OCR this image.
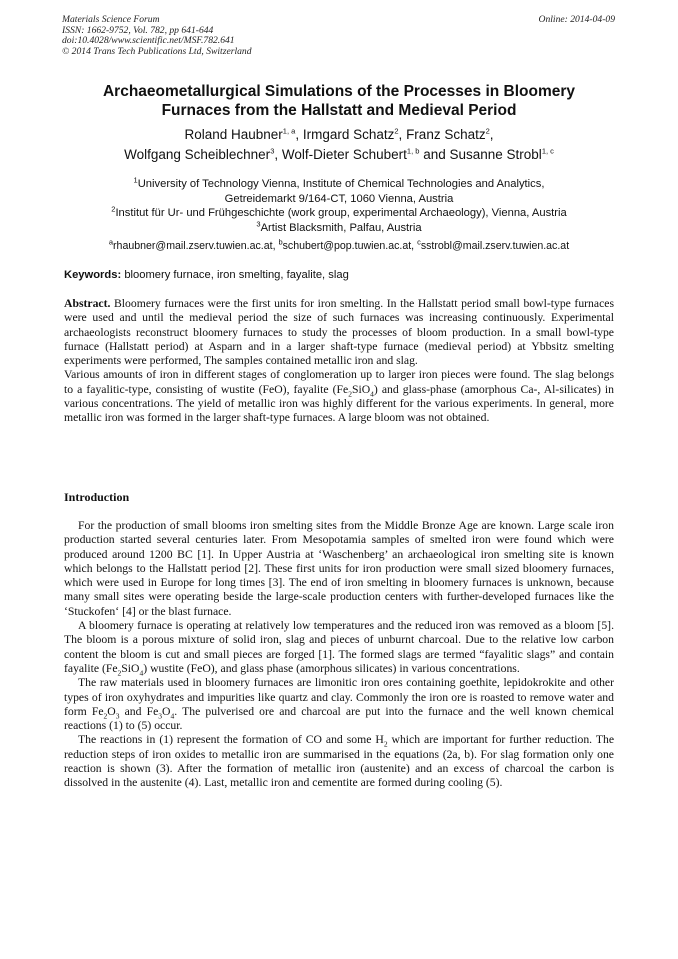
Materials Science Forum
ISSN: 1662-9752, Vol. 782, pp 641-644
doi:10.4028/www.scientific.net/MSF.782.641
© 2014 Trans Tech Publications Ltd, Switzerland
Online: 2014-04-09
Archaeometallurgical Simulations of the Processes in Bloomery
Furnaces from the Hallstatt and Medieval Period
Roland Haubner$^{1, a}$, Irmgard Schatz$^2$, Franz Schatz$^2$,
Wolfgang Scheiblechner$^3$, Wolf-Dieter Schubert$^{1, b}$ and Susanne Strobl$^{1, c}$
$^1$University of Technology Vienna, Institute of Chemical Technologies and Analytics,
Getreidemarkt 9/164-CT, 1060 Vienna, Austria
$^2$Institut für Ur- und Frühgeschichte (work group, experimental Archaeology), Vienna, Austria
$^3$Artist Blacksmith, Palfau, Austria
$^a$rhaubner@mail.zserv.tuwien.ac.at, $^b$schubert@pop.tuwien.ac.at, $^c$sstrobl@mail.zserv.tuwien.ac.at
Keywords: bloomery furnace, iron smelting, fayalite, slag

Abstract. Bloomery furnaces were the first units for iron smelting. In the Hallstatt period small bowl-type furnaces were used and until the medieval period the size of such furnaces was increasing continuously. Experimental archaeologists reconstruct bloomery furnaces to study the processes of bloom production. In a small bowl-type furnace (Hallstatt period) at Asparn and in a larger shaft-type furnace (medieval period) at Ybbsitz smelting experiments were performed, The samples contained metallic iron and slag.

Various amounts of iron in different stages of conglomeration up to larger iron pieces were found. The slag belongs to a fayalitic-type, consisting of wustite (FeO), fayalite $(Fe_2SiO_4)$ and glass-phase (amorphous Ca-, Al-silicates) in various concentrations. The yield of metallic iron was highly different for the various experiments. In general, more metallic iron was formed in the larger shaft-type furnaces. A large bloom was not obtained.

Introduction

For the production of small blooms iron smelting sites from the Middle Bronze Age are known. Large scale iron production started several centuries later. From Mesopotamia samples of smelted iron were found which were produced around 1200 BC [1]. In Upper Austria at ‘Waschenberg’ an archaeological iron smelting site is known which belongs to the Hallstatt period [2]. These first units for iron production were small sized bloomery furnaces, which were used in Europe for long times [3]. The end of iron smelting in bloomery furnaces is unknown, because many small sites were operating beside the large-scale production centers with further-developed furnaces like the ‘Stuckofen‘ [4] or the blast furnace.

A bloomery furnace is operating at relatively low temperatures and the reduced iron was removed as a bloom [5]. The bloom is a porous mixture of solid iron, slag and pieces of unburnt charcoal. Due to the relative low carbon content the bloom is cut and small pieces are forged [1]. The formed slags are termed “fayalitic slags” and contain fayalite $(Fe_2SiO_4)$ wustite (FeO), and glass phase (amorphous silicates) in various concentrations.

The raw materials used in bloomery furnaces are limonitic iron ores containing goethite, lepidokrokite and other types of iron oxyhydrates and impurities like quartz and clay. Commonly the iron ore is roasted to remove water and form $Fe_2O_3$ and $Fe_3O_4$. The pulverised ore and charcoal are put into the furnace and the well known chemical reactions (1) to (5) occur.

The reactions in (1) represent the formation of CO and some $H_2$ which are important for further reduction. The reduction steps of iron oxides to metallic iron are summarised in the equations (2a, b). For slag formation only one reaction is shown (3). After the formation of metallic iron (austenite) and an excess of charcoal the carbon is dissolved in the austenite (4). Last, metallic iron and cementite are formed during cooling (5).
